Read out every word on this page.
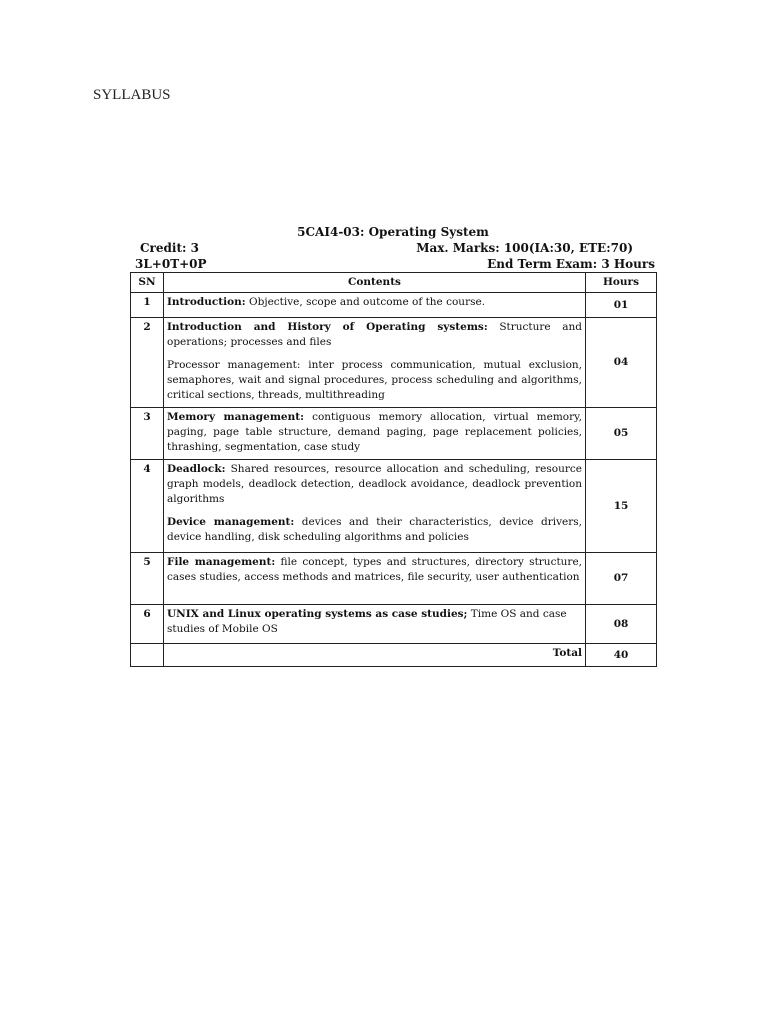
SYLLABUS
5CAI4-03: Operating System
Credit: 3
3L+0T+0P
Max. Marks: 100(IA:30, ETE:70)
End Term Exam: 3 Hours
SN	Contents	Hours
1	Introduction: Objective, scope and outcome of the course.	01
2	Introduction and History of Operating systems: Structure and operations; processes and files

Processor management: inter process communication, mutual exclusion, semaphores, wait and signal procedures, process scheduling and algorithms, critical sections, threads, multithreading	04
3	Memory management: contiguous memory allocation, virtual memory, paging, page table structure, demand paging, page replacement policies, thrashing, segmentation, case study	05
4	Deadlock: Shared resources, resource allocation and scheduling, resource graph models, deadlock detection, deadlock avoidance, deadlock prevention algorithms

Device management: devices and their characteristics, device drivers, device handling, disk scheduling algorithms and policies	15
5	File management: file concept, types and structures, directory structure, cases studies, access methods and matrices, file security, user authentication	07
6	UNIX and Linux operating systems as case studies; Time OS and case studies of Mobile OS	08
	Total	40
